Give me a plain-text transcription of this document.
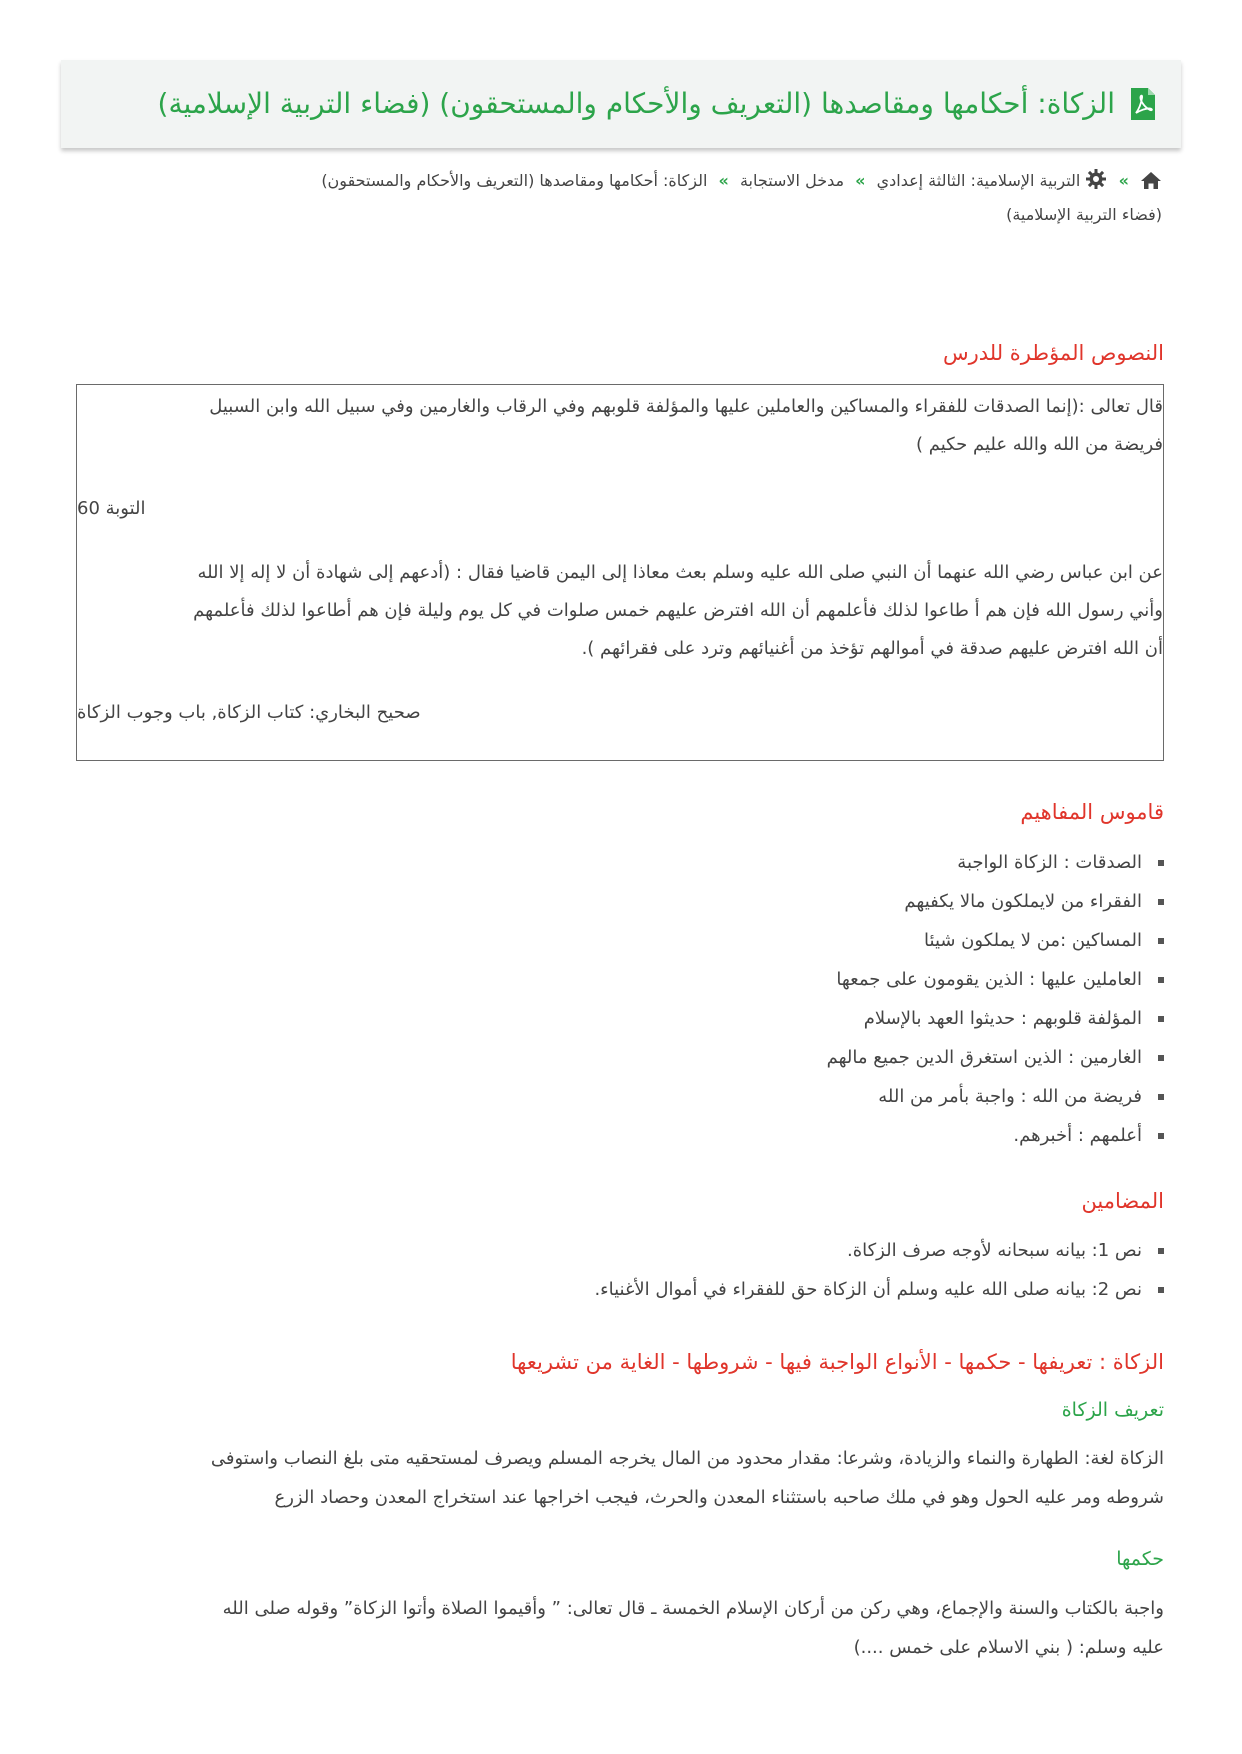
الزكاة: أحكامها ومقاصدها (التعريف والأحكام والمستحقون) (فضاء التربية الإسلامية)
»  التربية الإسلامية: الثالثة إعدادي » مدخل الاستجابة » الزكاة: أحكامها ومقاصدها (التعريف والأحكام والمستحقون)
(فضاء التربية الإسلامية)
النصوص المؤطرة للدرس
قال تعالى :(إنما الصدقات للفقراء والمساكين والعاملين عليها والمؤلفة قلوبهم وفي الرقاب والغارمين وفي سبيل الله وابن السبيل
فريضة من الله والله عليم حكيم )
التوبة 60
عن ابن عباس رضي الله عنهما أن النبي صلى الله عليه وسلم بعث معاذا إلى اليمن قاضيا فقال : (أدعهم إلى شهادة أن لا إله إلا الله
وأني رسول الله فإن هم أ طاعوا لذلك فأعلمهم أن الله افترض عليهم خمس صلوات في كل يوم وليلة فإن هم أطاعوا لذلك فأعلمهم
أن الله افترض عليهم صدقة في أموالهم تؤخذ من أغنيائهم وترد على فقرائهم ).
صحيح البخاري: كتاب الزكاة, باب وجوب الزكاة
قاموس المفاهيم
الصدقات : الزكاة الواجبة
الفقراء من لايملكون مالا يكفيهم
المساكين :من لا يملكون شيئا
العاملين عليها : الذين يقومون على جمعها
المؤلفة قلوبهم : حديثوا العهد بالإسلام
الغارمين : الذين استغرق الدين جميع مالهم
فريضة من الله : واجبة بأمر من الله
أعلمهم : أخبرهم.
المضامين
نص 1: بيانه سبحانه لأوجه صرف الزكاة.
نص 2: بيانه صلى الله عليه وسلم أن الزكاة حق للفقراء في أموال الأغنياء.
الزكاة : تعريفها - حكمها - الأنواع الواجبة فيها - شروطها - الغاية من تشريعها
تعريف الزكاة
الزكاة لغة: الطهارة والنماء والزيادة، وشرعا: مقدار محدود من المال يخرجه المسلم ويصرف لمستحقيه متى بلغ النصاب واستوفى
شروطه ومر عليه الحول وهو في ملك صاحبه باستثناء المعدن والحرث، فيجب اخراجها عند استخراج المعدن وحصاد الزرع
حكمها
واجبة بالكتاب والسنة والإجماع، وهي ركن من أركان الإسلام الخمسة ـ قال تعالى: ” وأقيموا الصلاة وأتوا الزكاة” وقوله صلى الله
عليه وسلم: ( بني الاسلام على خمس ....)
